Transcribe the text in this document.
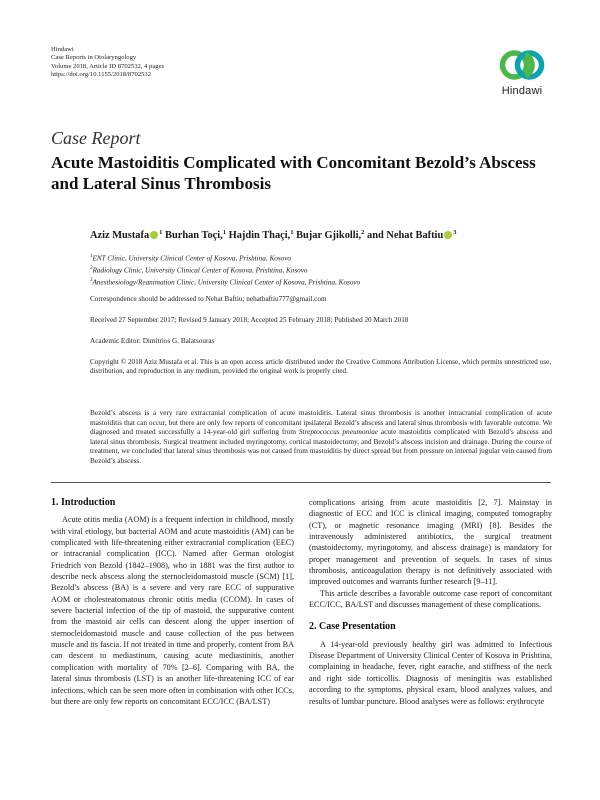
Hindawi
Case Reports in Otolaryngology
Volume 2018, Article ID 8702532, 4 pages
https://doi.org/10.1155/2018/8702532
Hindawi
Case Report
Acute Mastoiditis Complicated with Concomitant Bezold’s Abscess and Lateral Sinus Thrombosis
Aziz Mustafa $^1$ Burhan Toçi,$^1$ Hajdin Thaçi,$^1$ Bujar Gjikolli,$^2$ and Nehat Baftiu $^3$
$^1$ENT Clinic, University Clinical Center of Kosova, Prishtina, Kosovo
$^2$Radiology Clinic, University Clinical Center of Kosova, Prishtina, Kosovo
$^3$Anesthesiology/Reanimation Clinic, University Clinical Center of Kosova, Prishtina, Kosovo
Correspondence should be addressed to Nehat Baftiu; nehatbaftiu777@gmail.com
Received 27 September 2017; Revised 9 January 2018; Accepted 25 February 2018; Published 20 March 2018
Academic Editor: Dimitrios G. Balatsouras
Copyright © 2018 Aziz Mustafa et al. This is an open access article distributed under the Creative Commons Attribution License, which permits unrestricted use, distribution, and reproduction in any medium, provided the original work is properly cited.
Bezold’s abscess is a very rare extracranial complication of acute mastoiditis. Lateral sinus thrombosis is another intracranial complication of acute mastoiditis that can occur, but there are only few reports of concomitant ipsilateral Bezold’s abscess and lateral sinus thrombosis with favorable outcome. We diagnosed and treated successfully a 14-year-old girl suffering from Streptococcus pneumoniae acute mastoiditis complicated with Bezold’s abscess and lateral sinus thrombosis. Surgical treatment included myringotomy, cortical mastoidectomy, and Bezold’s abscess incision and drainage. During the course of treatment, we concluded that lateral sinus thrombosis was not caused from mastoiditis by direct spread but from pressure on internal jugular vein caused from Bezold’s abscess.
1. Introduction

Acute otitis media (AOM) is a frequent infection in childhood, mostly with viral etiology, but bacterial AOM and acute mastoiditis (AM) can be complicated with life-threatening either extracranial complication (EEC) or intracranial complication (ICC). Named after German otologist Friedrich von Bezold (1842–1908), who in 1881 was the first author to describe neck abscess along the sternocleidomastoid muscle (SCM) [1], Bezold’s abscess (BA) is a severe and very rare ECC of suppurative AOM or cholesteatomatous chronic otitis media (CCOM). In cases of severe bacterial infection of the tip of mastoid, the suppurative content from the mastoid air cells can descent along the upper insertion of sternocleidomastoid muscle and cause collection of the pus between muscle and its fascia. If not treated in time and properly, content from BA can descent to mediastinum, causing acute mediastinitis, another complication with mortality of 70% [2–6]. Comparing with BA, the lateral sinus thrombosis (LST) is an another life-threatening ICC of ear infections, which can be seen more often in combination with other ICCs, but there are only few reports on concomitant ECC/ICC (BA/LST)

complications arising from acute mastoiditis [2, 7]. Mainstay in diagnostic of ECC and ICC is clinical imaging, computed tomography (CT), or magnetic resonance imaging (MRI) [8]. Besides the intravenously administered antibiotics, the surgical treatment (mastoidectomy, myringotomy, and abscess drainage) is mandatory for proper management and prevention of sequels. In cases of sinus thrombosis, anticoagulation therapy is not definitively associated with improved outcomes and warrants further research [9–11].

This article describes a favorable outcome case report of concomitant ECC/ICC, BA/LST and discusses management of these complications.

2. Case Presentation

A 14-year-old previously healthy girl was admitted to Infectious Disease Department of University Clinical Center of Kosova in Prishtina, complaining in headache, fever, right earache, and stiffness of the neck and right side torticollis. Diagnosis of meningitis was established according to the symptoms, physical exam, blood analyzes values, and results of lumbar puncture. Blood analyses were as follows: erythrocyte
